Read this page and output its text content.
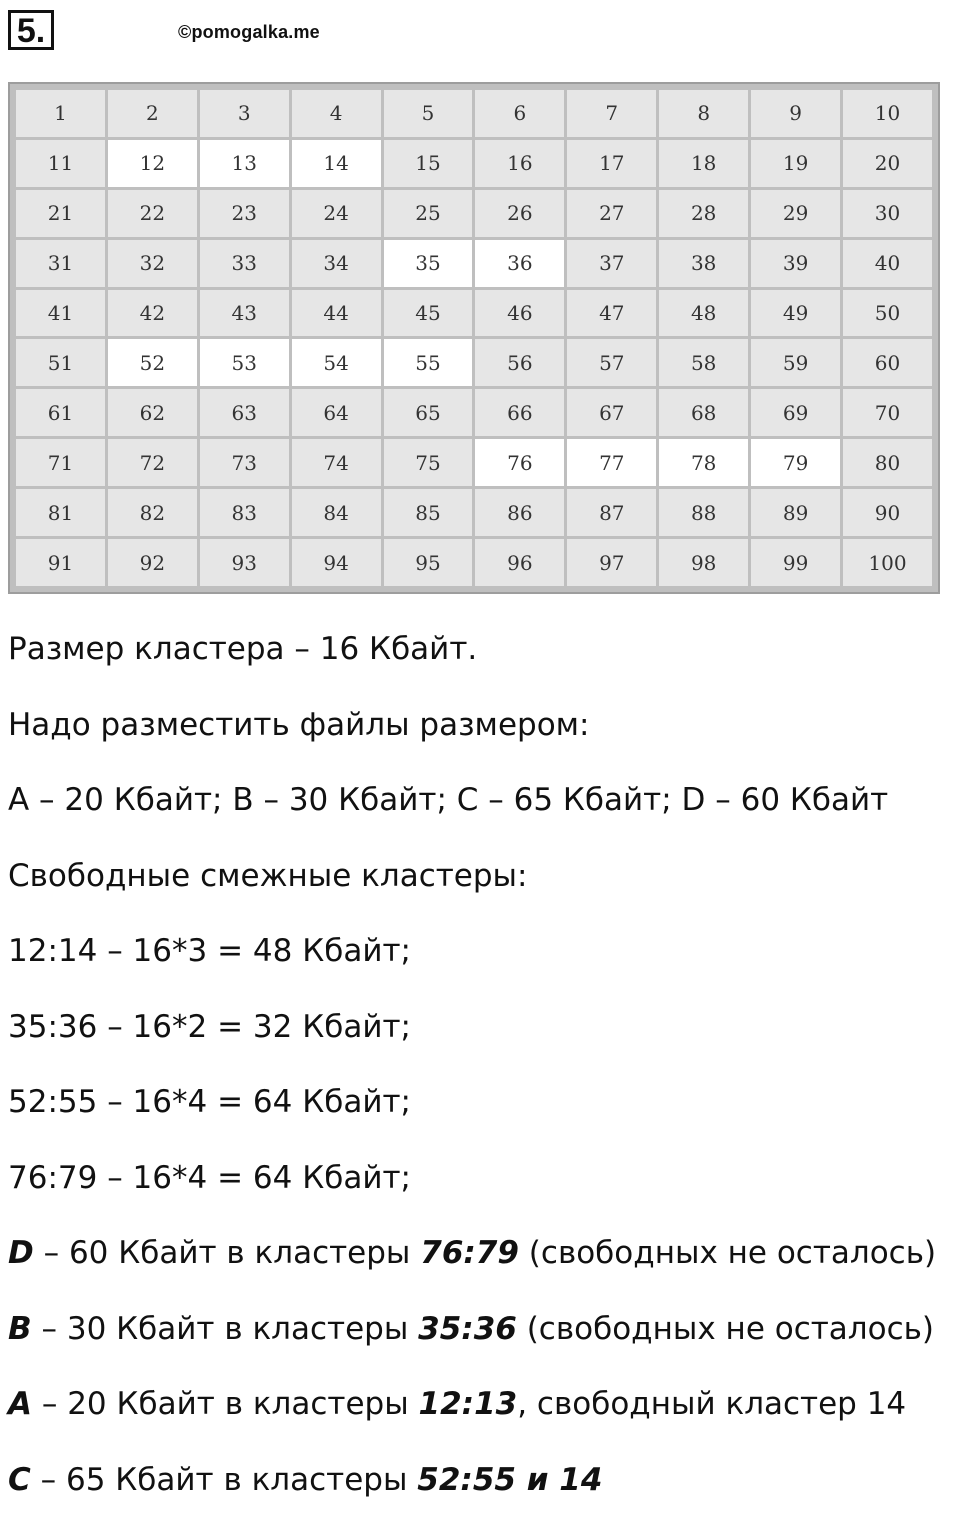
5.	©pomogalka.me
1	2	3	4	5	6	7	8	9	10
11	12	13	14	15	16	17	18	19	20
21	22	23	24	25	26	27	28	29	30
31	32	33	34	35	36	37	38	39	40
41	42	43	44	45	46	47	48	49	50
51	52	53	54	55	56	57	58	59	60
61	62	63	64	65	66	67	68	69	70
71	72	73	74	75	76	77	78	79	80
81	82	83	84	85	86	87	88	89	90
91	92	93	94	95	96	97	98	99	100
Размер кластера – 16 Кбайт.
Надо разместить файлы размером:
A – 20 Кбайт; B – 30 Кбайт; C – 65 Кбайт; D – 60 Кбайт
Свободные смежные кластеры:
12:14 – 16*3 = 48 Кбайт;
35:36 – 16*2 = 32 Кбайт;
52:55 – 16*4 = 64 Кбайт;
76:79 – 16*4 = 64 Кбайт;
D – 60 Кбайт в кластеры 76:79 (свободных не осталось)
B – 30 Кбайт в кластеры 35:36 (свободных не осталось)
A – 20 Кбайт в кластеры 12:13, свободный кластер 14
C – 65 Кбайт в кластеры 52:55 и 14
